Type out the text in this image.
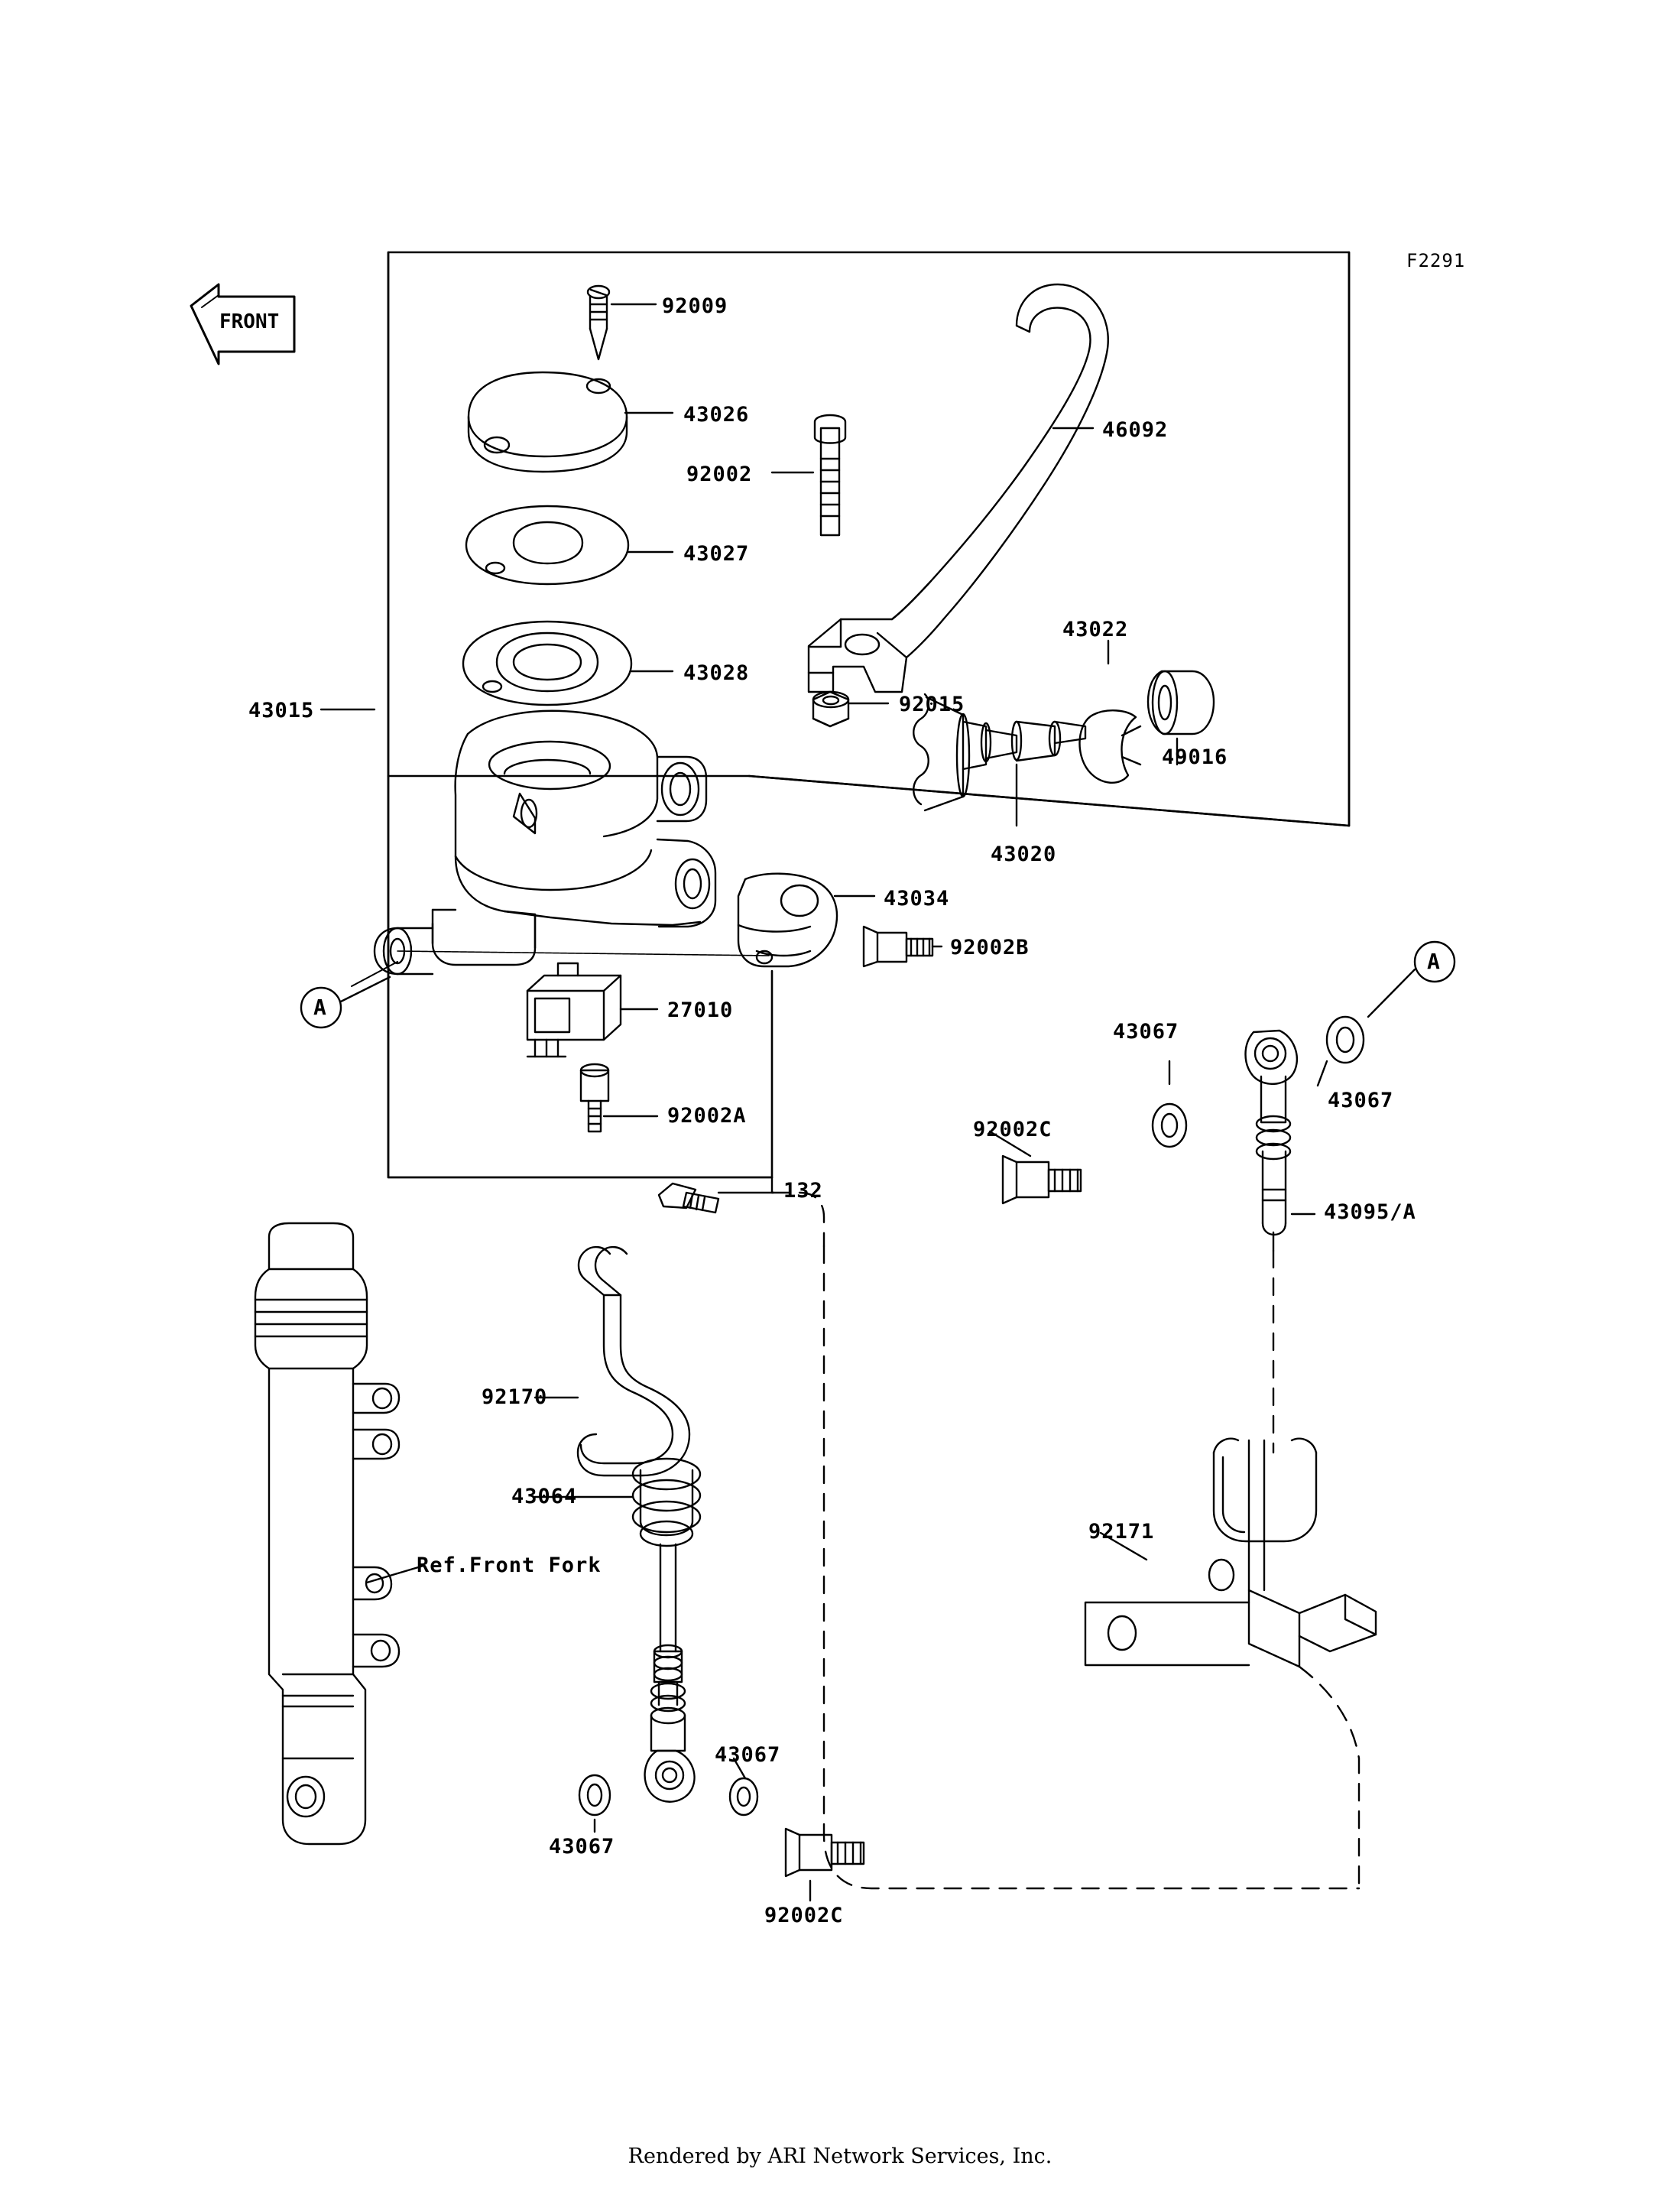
F2291
FRONT
92009
43026
92002
46092
43027
43028
43015
43022
92015
49016
43020
43034
92002B
A
A
27010
43067
43067
92002C
92002A
132
43095/A
92170
43064
92171
Ref.Front Fork
43067
43067
92002C
Rendered by ARI Network Services, Inc.
